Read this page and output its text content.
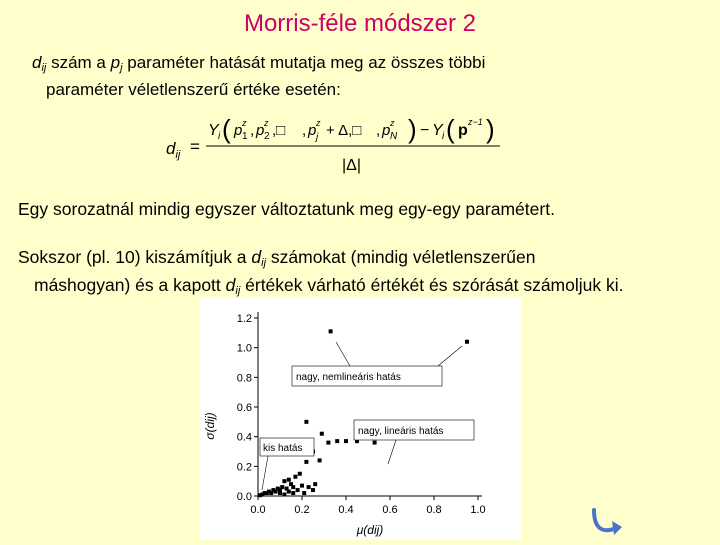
Morris-féle módszer 2
$d_{ij}$ szám a $p_j$ paraméter hatását mutatja meg az összes többi
paraméter véletlenszerű értéke esetén:
$d_{ij}$ =
Y i ( p z
1 , p z
2 ,□ , p z
j + Δ,□ , p z
N ) − Y i ( p z−1 )
|Δ|
Egy sorozatnál mindig egyszer változtatunk meg egy-egy paramétert.
Sokszor (pl. 10) kiszámítjuk a $d_{ij}$ számokat (mindig véletlenszerűen
máshogyan) és a kapott $d_{ij}$ értékek várható értékét és szórását számoljuk ki.
0.0
0.2
0.4
0.6
0.8
1.0
1.2
0.0	0.2	0.4	0.6	0.8	1.0
σ(dij)
μ(dij)
nagy, nemlineáris hatás
nagy, lineáris hatás
kis hatás
